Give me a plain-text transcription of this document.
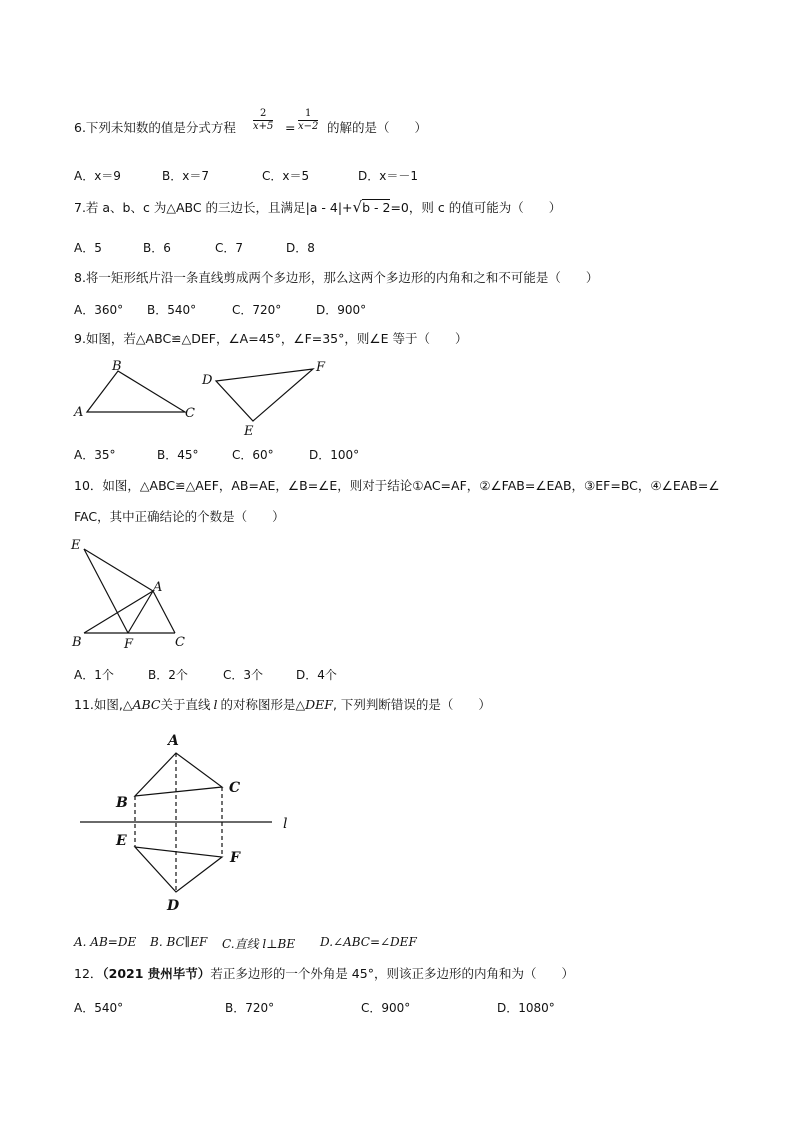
6.下列未知数的值是分式方程 $\frac{2}{x+5} = \frac{1}{x-2}$ 的解的是（　　）
A．x＝9	B．x＝7	C．x＝5	D．x＝－1
7.若 a、b、c 为△ABC 的三边长，且满足|a - 4|+√b - 2=0，则 c 的值可能为（　　）
A．5	B．6	C．7	D．8
8.将一矩形纸片沿一条直线剪成两个多边形，那么这两个多边形的内角和之和不可能是（　　）
A．360° B．540°	C．720°	D．900°
9.如图，若△ABC≌△DEF，∠A=45°，∠F=35°，则∠E 等于（　　）
A
B
C
D
E
F
E
A
B	F	C
A
B
C
E
F
D
l
A．35°	B．45°	C．60°	D．100°
10．如图，△ABC≌△AEF，AB=AE，∠B=∠E，则对于结论①AC=AF，②∠FAB=∠EAB，③EF=BC，④∠EAB=∠
FAC，其中正确结论的个数是（　　）
A．1个	B．2个	C．3个	D．4个
11.如图,△ABC关于直线 l 的对称图形是△DEF, 下列判断错误的是（　　）
A. AB=DE B. BC∥EF C.直线 l⊥BE D.∠ABC=∠DEF
12．（2021 贵州毕节）若正多边形的一个外角是 45°，则该正多边形的内角和为（　　）
A．540°	B．720°	C．900°	D．1080°
